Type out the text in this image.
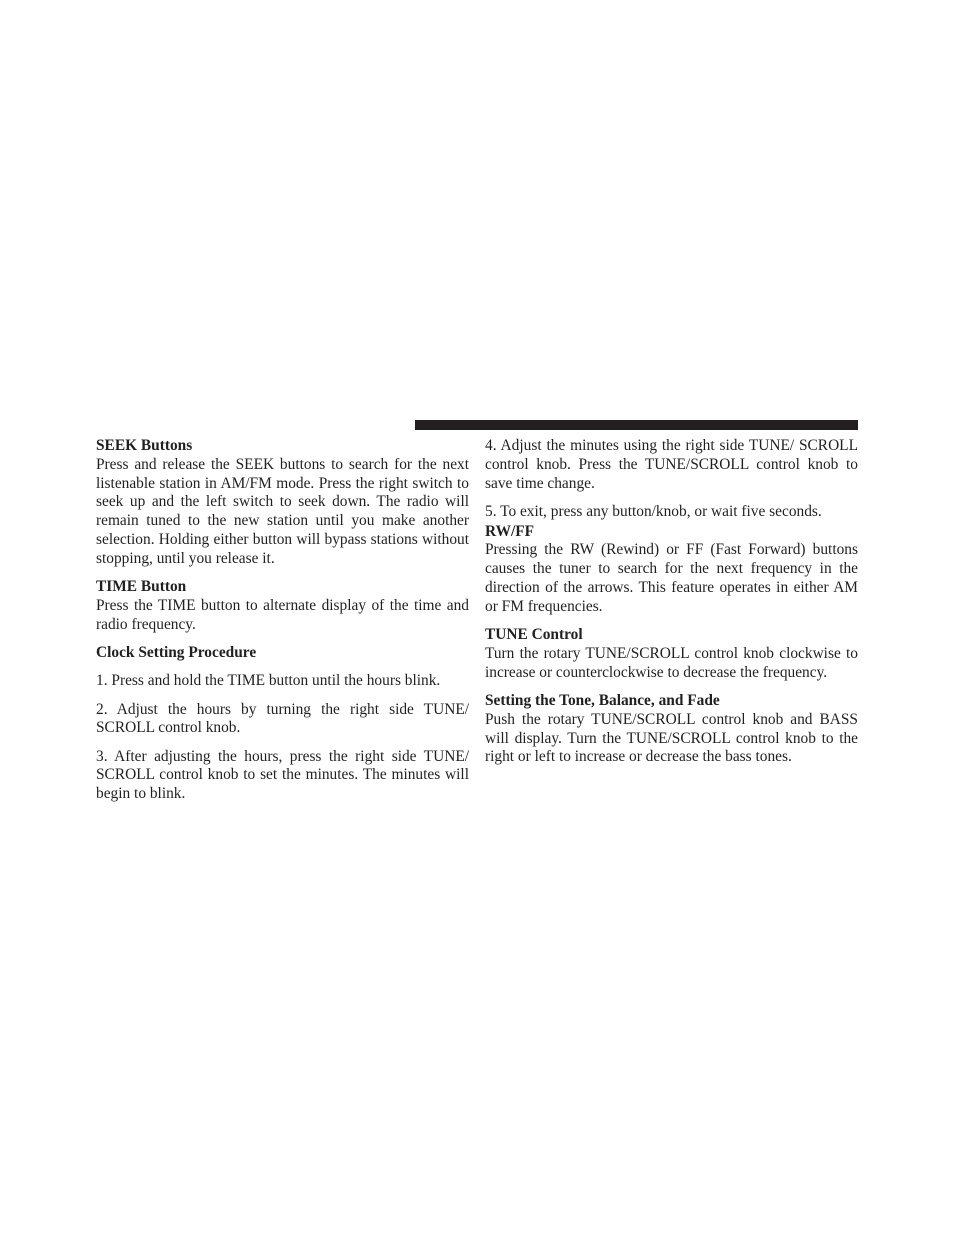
SEEK Buttons

Press and release the SEEK buttons to search for the next listenable station in AM/FM mode. Press the right switch to seek up and the left switch to seek down. The radio will remain tuned to the new station until you make another selection. Holding either button will bypass stations without stopping, until you release it.

TIME Button

Press the TIME button to alternate display of the time and radio frequency.

Clock Setting Procedure

1. Press and hold the TIME button until the hours blink.

2. Adjust the hours by turning the right side TUNE/ SCROLL control knob.

3. After adjusting the hours, press the right side TUNE/ SCROLL control knob to set the minutes. The minutes will begin to blink.

4. Adjust the minutes using the right side TUNE/ SCROLL control knob. Press the TUNE/SCROLL control knob to save time change.

5. To exit, press any button/knob, or wait five seconds.

RW/FF

Pressing the RW (Rewind) or FF (Fast Forward) buttons causes the tuner to search for the next frequency in the direction of the arrows. This feature operates in either AM or FM frequencies.

TUNE Control

Turn the rotary TUNE/SCROLL control knob clockwise to increase or counterclockwise to decrease the frequency.

Setting the Tone, Balance, and Fade

Push the rotary TUNE/SCROLL control knob and BASS will display. Turn the TUNE/SCROLL control knob to the right or left to increase or decrease the bass tones.
